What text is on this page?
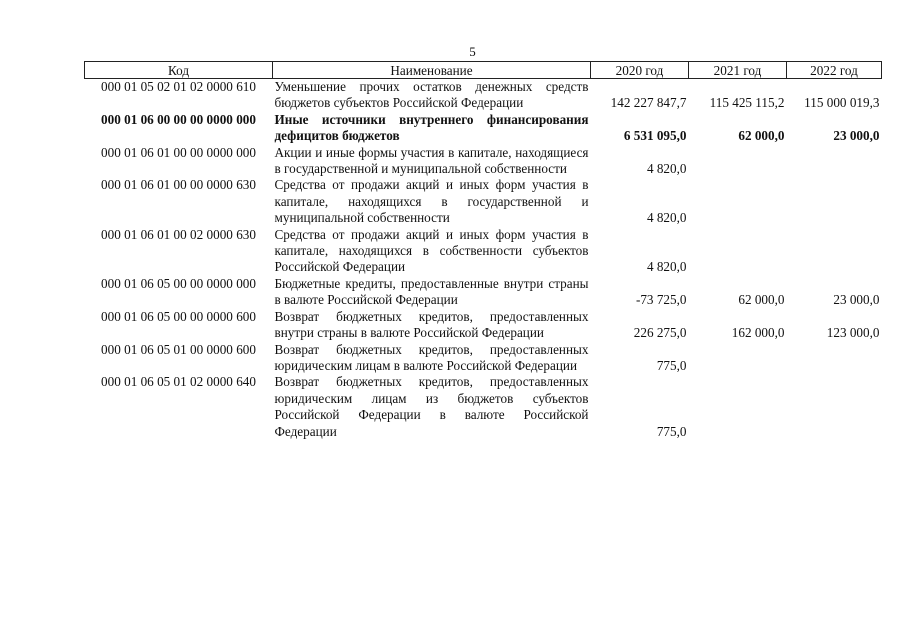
5
Код	Наименование	2020 год	2021 год	2022 год
000 01 05 02 01 02 0000 610	Уменьшение прочих остатков денежных средств бюджетов субъектов Российской Федерации	142 227 847,7	115 425 115,2	115 000 019,3
000 01 06 00 00 00 0000 000	Иные источники внутреннего финансирования дефицитов бюджетов	6 531 095,0	62 000,0	23 000,0
000 01 06 01 00 00 0000 000	Акции и иные формы участия в капитале, находящиеся в государственной и муниципальной собственности	4 820,0		
000 01 06 01 00 00 0000 630	Средства от продажи акций и иных форм участия в капитале, находящихся в государственной и муниципальной собственности	4 820,0		
000 01 06 01 00 02 0000 630	Средства от продажи акций и иных форм участия в капитале, находящихся в собственности субъектов Российской Федерации	4 820,0		
000 01 06 05 00 00 0000 000	Бюджетные кредиты, предоставленные внутри страны в валюте Российской Федерации	-73 725,0	62 000,0	23 000,0
000 01 06 05 00 00 0000 600	Возврат бюджетных кредитов, предоставленных внутри страны в валюте Российской Федерации	226 275,0	162 000,0	123 000,0
000 01 06 05 01 00 0000 600	Возврат бюджетных кредитов, предоставленных юридическим лицам в валюте Российской Федерации	775,0		
000 01 06 05 01 02 0000 640	Возврат бюджетных кредитов, предоставленных юридическим лицам из бюджетов субъектов Российской Федерации в валюте Российской Федерации	775,0		
